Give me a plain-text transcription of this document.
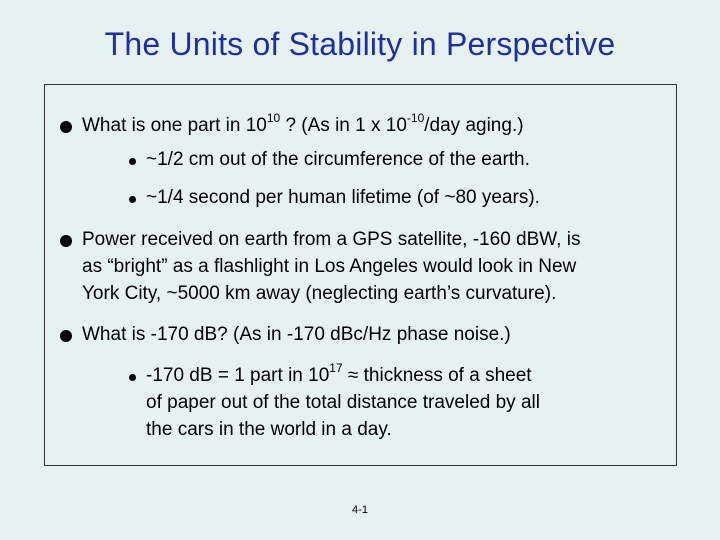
The Units of Stability in Perspective
What is one part in $10^{10}$ ? (As in 1 x $10^{-10}$/day aging.)
~1/2 cm out of the circumference of the earth.
~1/4 second per human lifetime (of ~80 years).
Power received on earth from a GPS satellite, -160 dBW, is
as “bright” as a flashlight in Los Angeles would look in New
York City, ~5000 km away (neglecting earth’s curvature).
What is -170 dB? (As in -170 dBc/Hz phase noise.)
-170 dB = 1 part in $10^{17}$ ≈ thickness of a sheet
of paper out of the total distance traveled by all
the cars in the world in a day.
4-1
